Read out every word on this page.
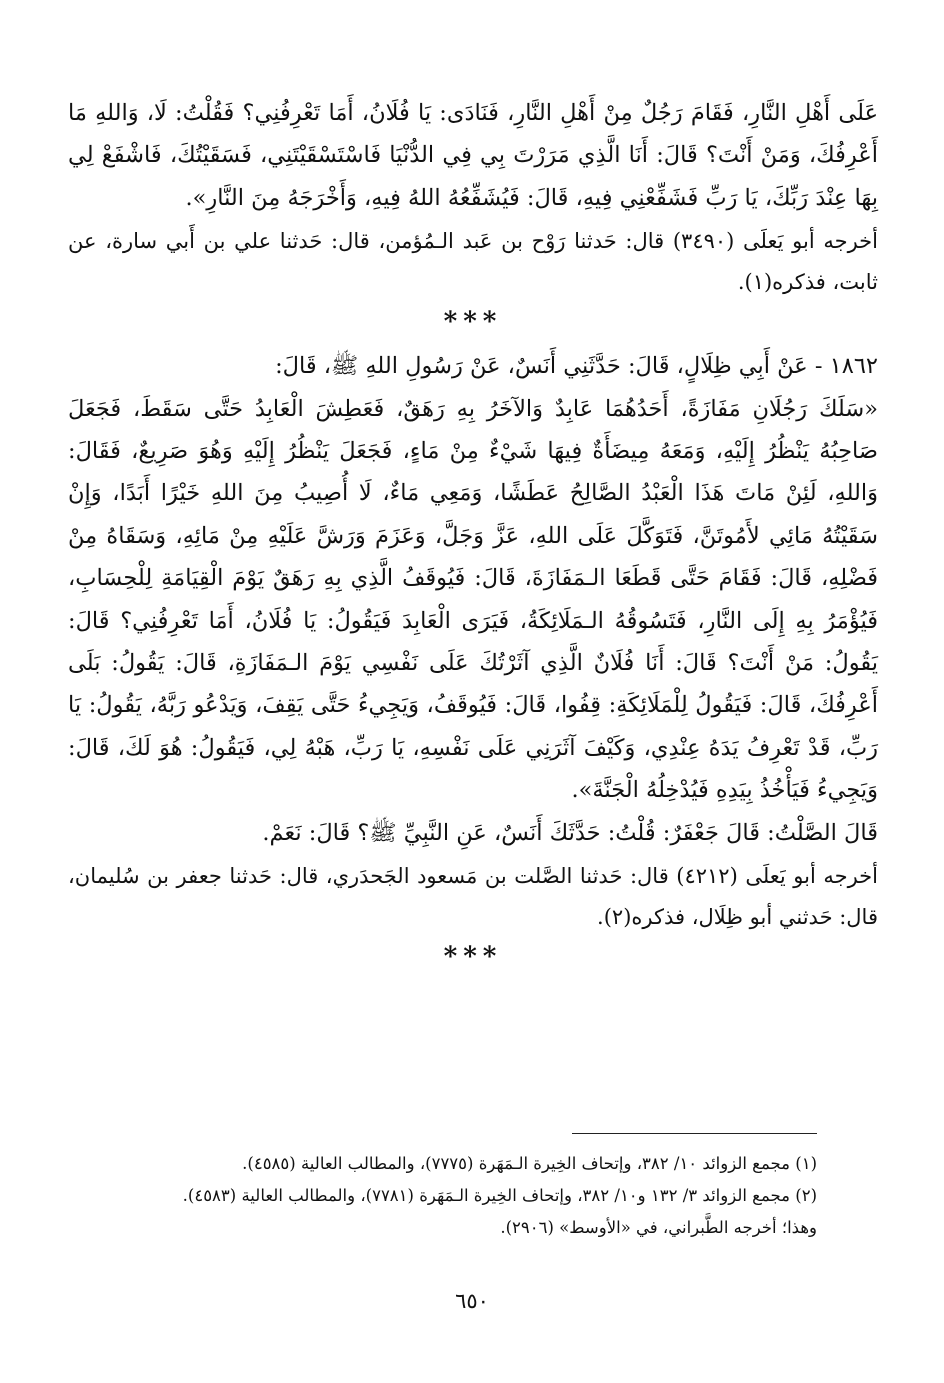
عَلَى أَهْلِ النَّارِ، فَقَامَ رَجُلٌ مِنْ أَهْلِ النَّارِ، فَنَادَى: يَا فُلَانُ، أَمَا تَعْرِفُنِي؟ فَقُلْتُ: لَا، وَاللهِ مَا أَعْرِفُكَ، وَمَنْ أَنْتَ؟ قَالَ: أَنَا الَّذِي مَرَرْتَ بِي فِي الدُّنْيَا فَاسْتَسْقَيْتَنِي، فَسَقَيْتُكَ، فَاشْفَعْ لِي بِهَا عِنْدَ رَبِّكَ، يَا رَبِّ فَشَفِّعْنِي فِيهِ، قَالَ: فَيُشَفِّعُهُ اللهُ فِيهِ، وَأَخْرَجَهُ مِنَ النَّارِ».

أخرجه أبو يَعلَى (٣٤٩٠) قال: حَدثنا رَوْح بن عَبد الـمُؤمن، قال: حَدثنا علي بن أَبي سارة، عن ثابت، فذكره(١).

***

١٨٦٢ - عَنْ أَبِي ظِلَالٍ، قَالَ: حَدَّثَنِي أَنَسٌ، عَنْ رَسُولِ اللهِ ﷺ، قَالَ:

«سَلَكَ رَجُلَانِ مَفَازَةً، أَحَدُهُمَا عَابِدٌ وَالآخَرُ بِهِ رَهَقٌ، فَعَطِشَ الْعَابِدُ حَتَّى سَقَطَ، فَجَعَلَ صَاحِبُهُ يَنْظُرُ إِلَيْهِ، وَمَعَهُ مِيضَأَةٌ فِيهَا شَيْءٌ مِنْ مَاءٍ، فَجَعَلَ يَنْظُرُ إِلَيْهِ وَهُوَ صَرِيعٌ، فَقَالَ: وَاللهِ، لَئِنْ مَاتَ هَذَا الْعَبْدُ الصَّالِحُ عَطَشًا، وَمَعِي مَاءٌ، لَا أُصِيبُ مِنَ اللهِ خَيْرًا أَبَدًا، وَإِنْ سَقَيْتُهُ مَائِي لأَمُوتَنَّ، فَتَوَكَّلَ عَلَى اللهِ، عَزَّ وَجَلَّ، وَعَزَمَ وَرَشَّ عَلَيْهِ مِنْ مَائِهِ، وَسَقَاهُ مِنْ فَضْلِهِ، قَالَ: فَقَامَ حَتَّى قَطَعَا الـمَفَازَةَ، قَالَ: فَيُوقَفُ الَّذِي بِهِ رَهَقٌ يَوْمَ الْقِيَامَةِ لِلْحِسَابِ، فَيُؤْمَرُ بِهِ إِلَى النَّارِ، فَتَسُوقُهُ الـمَلَائِكَةُ، فَيَرَى الْعَابِدَ فَيَقُولُ: يَا فُلَانُ، أَمَا تَعْرِفُنِي؟ قَالَ: يَقُولُ: مَنْ أَنْتَ؟ قَالَ: أَنَا فُلَانٌ الَّذِي آثَرْتُكَ عَلَى نَفْسِي يَوْمَ الـمَفَازَةِ، قَالَ: يَقُولُ: بَلَى أَعْرِفُكَ، قَالَ: فَيَقُولُ لِلْمَلَائِكَةِ: قِفُوا، قَالَ: فَيُوقَفُ، وَيَجِيءُ حَتَّى يَقِفَ، وَيَدْعُو رَبَّهُ، يَقُولُ: يَا رَبِّ، قَدْ تَعْرِفُ يَدَهُ عِنْدِي، وَكَيْفَ آثَرَنِي عَلَى نَفْسِهِ، يَا رَبِّ، هَبْهُ لِي، فَيَقُولُ: هُوَ لَكَ، قَالَ: وَيَجِيءُ فَيَأْخُذُ بِيَدِهِ فَيُدْخِلُهُ الْجَنَّةَ».

قَالَ الصَّلْتُ: قَالَ جَعْفَرٌ: قُلْتُ: حَدَّثَكَ أَنَسٌ، عَنِ النَّبِيِّ ﷺ؟ قَالَ: نَعَمْ.

أخرجه أبو يَعلَى (٤٢١٢) قال: حَدثنا الصَّلت بن مَسعود الجَحدَري، قال: حَدثنا جعفر بن سُليمان، قال: حَدثني أبو ظِلَال، فذكره(٢).

***

(١) مجمع الزوائد ١٠/ ٣٨٢، وإتحاف الخِيرة الـمَهَرة (٧٧٧٥)، والمطالب العالية (٤٥٨٥).

(٢) مجمع الزوائد ٣/ ١٣٢ و١٠/ ٣٨٢، وإتحاف الخِيرة الـمَهَرة (٧٧٨١)، والمطالب العالية (٤٥٨٣).

وهذا؛ أخرجه الطَّبراني، في «الأوسط» (٢٩٠٦).

٦٥٠
